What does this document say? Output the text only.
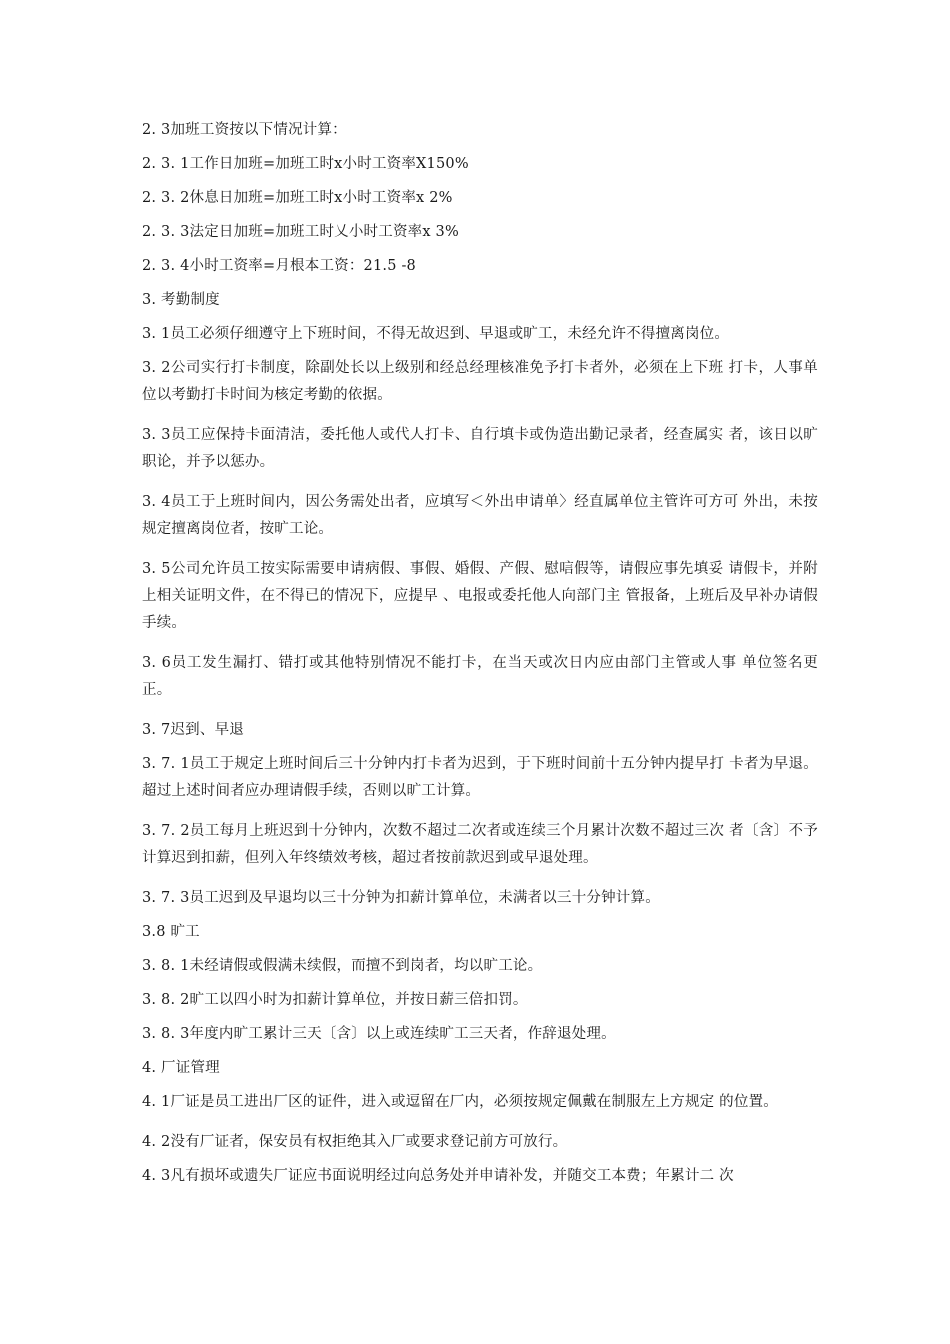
2. 3加班工资按以下情况计算：

2. 3. 1工作日加班=加班工时x小时工资率X150%

2. 3. 2休息日加班=加班工时x小时工资率x 2%

2. 3. 3法定日加班=加班工时乂小时工资率x 3%

2. 3. 4小时工资率=月根本工资：21.5 -8

3. 考勤制度

3. 1员工必须仔细遵守上下班时间，不得无故迟到、早退或旷工，未经允许不得擅离岗位。

3. 2公司实行打卡制度，除副处长以上级别和经总经理核准免予打卡者外，必须在上下班 打卡，人事单位以考勤打卡时间为核定考勤的依据。

3. 3员工应保持卡面清洁，委托他人或代人打卡、自行填卡或伪造出勤记录者，经查属实 者，该日以旷职论，并予以惩办。

3. 4员工于上班时间内，因公务需处出者，应填写＜外出申请单〉经直属单位主管许可方可 外出，未按规定擅离岗位者，按旷工论。

3. 5公司允许员工按实际需要申请病假、事假、婚假、产假、慰唁假等，请假应事先填妥 请假卡，并附上相关证明文件，在不得已的情况下，应提早 、电报或委托他人向部门主 管报备，上班后及早补办请假手续。

3. 6员工发生漏打、错打或其他特别情况不能打卡，在当天或次日内应由部门主管或人事 单位签名更正。

3. 7迟到、早退

3. 7. 1员工于规定上班时间后三十分钟内打卡者为迟到，于下班时间前十五分钟内提早打 卡者为早退。超过上述时间者应办理请假手续，否则以旷工计算。

3. 7. 2员工每月上班迟到十分钟内，次数不超过二次者或连续三个月累计次数不超过三次 者〔含〕不予计算迟到扣薪，但列入年终绩效考核，超过者按前款迟到或早退处理。

3. 7. 3员工迟到及早退均以三十分钟为扣薪计算单位，未满者以三十分钟计算。

3.8 旷工

3. 8. 1未经请假或假满未续假，而擅不到岗者，均以旷工论。

3. 8. 2旷工以四小时为扣薪计算单位，并按日薪三倍扣罚。

3. 8. 3年度内旷工累计三天〔含〕以上或连续旷工三天者，作辞退处理。

4. 厂证管理

4. 1厂证是员工进出厂区的证件，进入或逗留在厂内，必须按规定佩戴在制服左上方规定 的位置。

4. 2没有厂证者，保安员有权拒绝其入厂或要求登记前方可放行。

4. 3凡有损坏或遗失厂证应书面说明经过向总务处并申请补发，并随交工本费；年累计二 次
